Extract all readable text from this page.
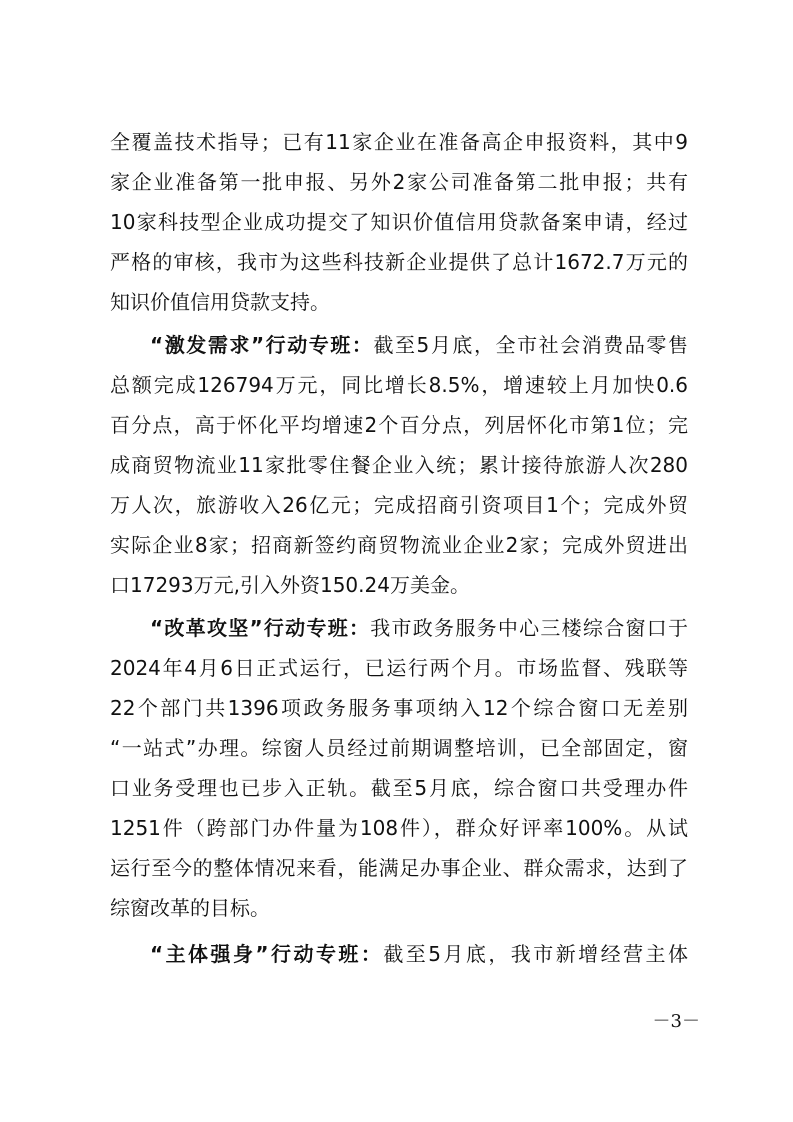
全覆盖技术指导；已有11家企业在准备高企申报资料，其中9
家企业准备第一批申报、另外2家公司准备第二批申报；共有
10家科技型企业成功提交了知识价值信用贷款备案申请，经过
严格的审核，我市为这些科技新企业提供了总计1672.7万元的
知识价值信用贷款支持。
“激发需求”行动专班：截至5月底，全市社会消费品零售
总额完成126794万元，同比增长8.5%，增速较上月加快0.6
百分点，高于怀化平均增速2个百分点，列居怀化市第1位；完
成商贸物流业11家批零住餐企业入统；累计接待旅游人次280
万人次，旅游收入26亿元；完成招商引资项目1个；完成外贸
实际企业8家；招商新签约商贸物流业企业2家；完成外贸进出
口17293万元,引入外资150.24万美金。
“改革攻坚”行动专班：我市政务服务中心三楼综合窗口于
2024年4月6日正式运行，已运行两个月。市场监督、残联等
22个部门共1396项政务服务事项纳入12个综合窗口无差别
“一站式”办理。综窗人员经过前期调整培训，已全部固定，窗
口业务受理也已步入正轨。截至5月底，综合窗口共受理办件
1251件（跨部门办件量为108件），群众好评率100%。从试
运行至今的整体情况来看，能满足办事企业、群众需求，达到了
综窗改革的目标。
“主体强身”行动专班：截至5月底，我市新增经营主体
－3－
